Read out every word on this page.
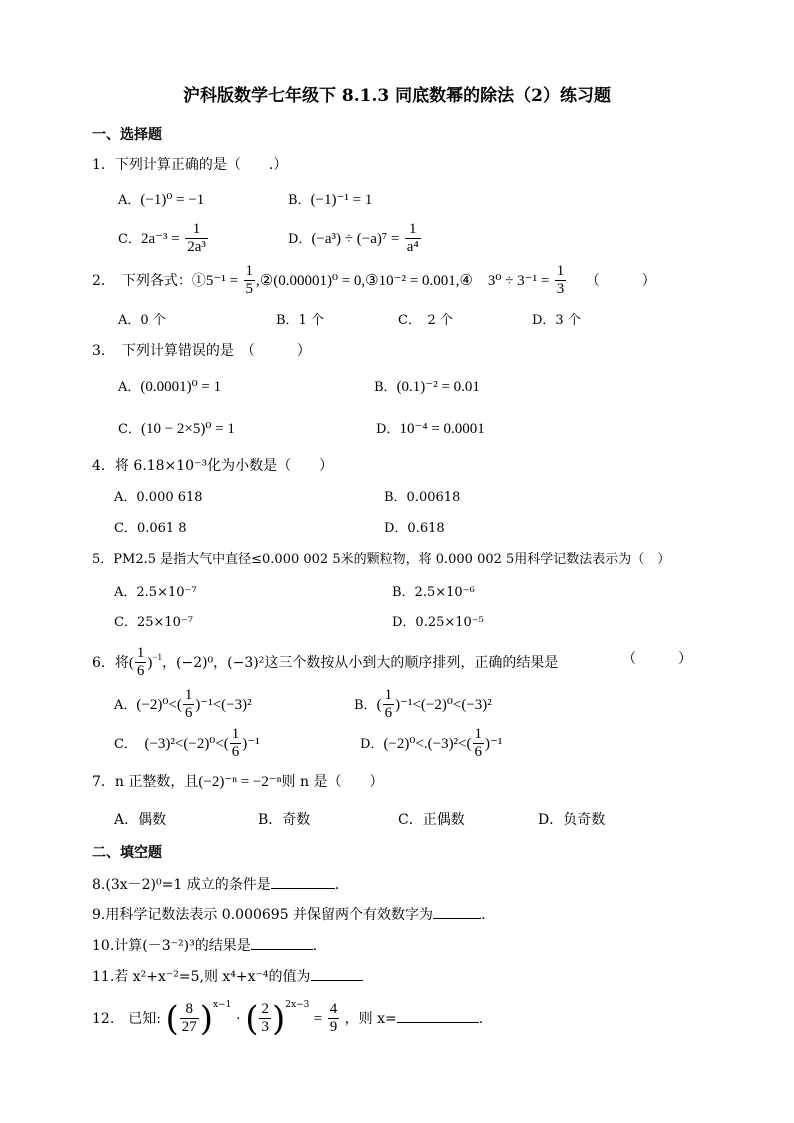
沪科版数学七年级下 8.1.3 同底数幂的除法（2）练习题
一、选择题
1．下列计算正确的是（　　.）
A．(−1)⁰ = −1	B．(−1)⁻¹ = 1
C．$2a^{-3} = \frac{1}{\text{2a³}}$	D．$(-a^3) \div (-a)^7 = \frac{1}{\text{a⁴}}$
2．　下列各式：①5⁻¹ = $\frac{1}{5}$ ,②(0.00001)⁰ = 0,③10⁻² = 0.001,④　$3^0 \div 3^{-1} = \frac{1}{3}$ （　　　）
A．0 个	B．1 个	C．　2 个	D．3 个
3．　下列计算错误的是　（　　　）
A．(0.0001)⁰ = 1	B．(0.1)⁻² = 0.01
C．(10 − 2×5)⁰ = 1	D．10⁻⁴ = 0.0001
4．将 6.18×10⁻³化为小数是（　　）
A．0.000 618	B．0.00618
C．0.061 8	D．0.618
5．PM2.5 是指大气中直径≤0.000 002 5米的颗粒物，将 0.000 002 5用科学记数法表示为（　）
A．2.5×10⁻⁷	B．2.5×10⁻⁶
C．25×10⁻⁷	D．0.25×10⁻⁵
6．将( $\frac{1}{6} )^{-1}$，(−2)⁰，(−3)²这三个数按从小到大的顺序排列，正确的结果是	（　　　）
A．$(-2)^0<( \frac{1}{6} )^{-1}<(-3)^2$	B．( $\frac{1}{6} )^{-1}<(-2)^0<(-3)^2$
C．　 $(-3)^2<(-2)^0<( \frac{1}{6} )^{-1}$	D．$(-2)^0<.(-3)^2<( \frac{1}{6} )^{-1}$
7．n 正整数，且(−2)⁻ⁿ = −2⁻ⁿ则 n 是（　　）
A．偶数	B．奇数	C．正偶数	D．负奇数
二、填空题
8.(3x－2)⁰=1 成立的条件是	.
9.用科学记数法表示 0.000695 并保留两个有效数字为	.
10.计算(－3⁻²)³的结果是	.
11.若 x²+x⁻²=5,则 x⁴+x⁻⁴的值为
12.　已知: ( $\frac{8}{27} )^{x-1}$ · ( $\frac{2}{3} )^{2x-3} = \frac{4}{9}$ ，则 x=	.
